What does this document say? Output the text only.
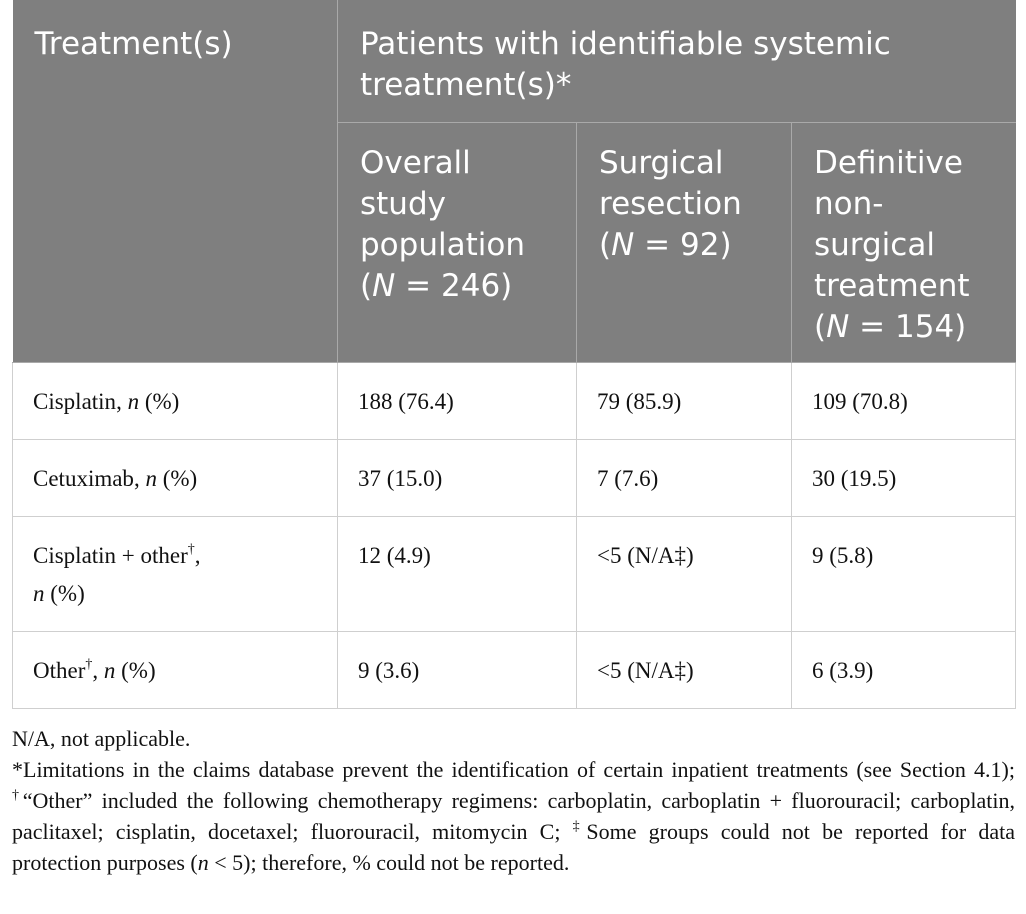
Treatment(s)	Patients with identifiable systemic treatment(s)*		
	Overall study population (N = 246)	Surgical resection (N = 92)	Definitive non-surgical treatment (N = 154)
Cisplatin, n (%)	188 (76.4)	79 (85.9)	109 (70.8)
Cetuximab, n (%)	37 (15.0)	7 (7.6)	30 (19.5)
Cisplatin + other†,
n (%)	12 (4.9)	<5 (N/A‡)	9 (5.8)
Other†, n (%)	9 (3.6)	<5 (N/A‡)	6 (3.9)

N/A, not applicable.

*Limitations in the claims database prevent the identification of certain inpatient treatments (see Section 4.1); †“Other” included the following chemotherapy regimens: carboplatin, carboplatin + fluorouracil; carboplatin, paclitaxel; cisplatin, docetaxel; fluorouracil, mitomycin C; ‡Some groups could not be reported for data protection purposes (n < 5); therefore, % could not be reported.
